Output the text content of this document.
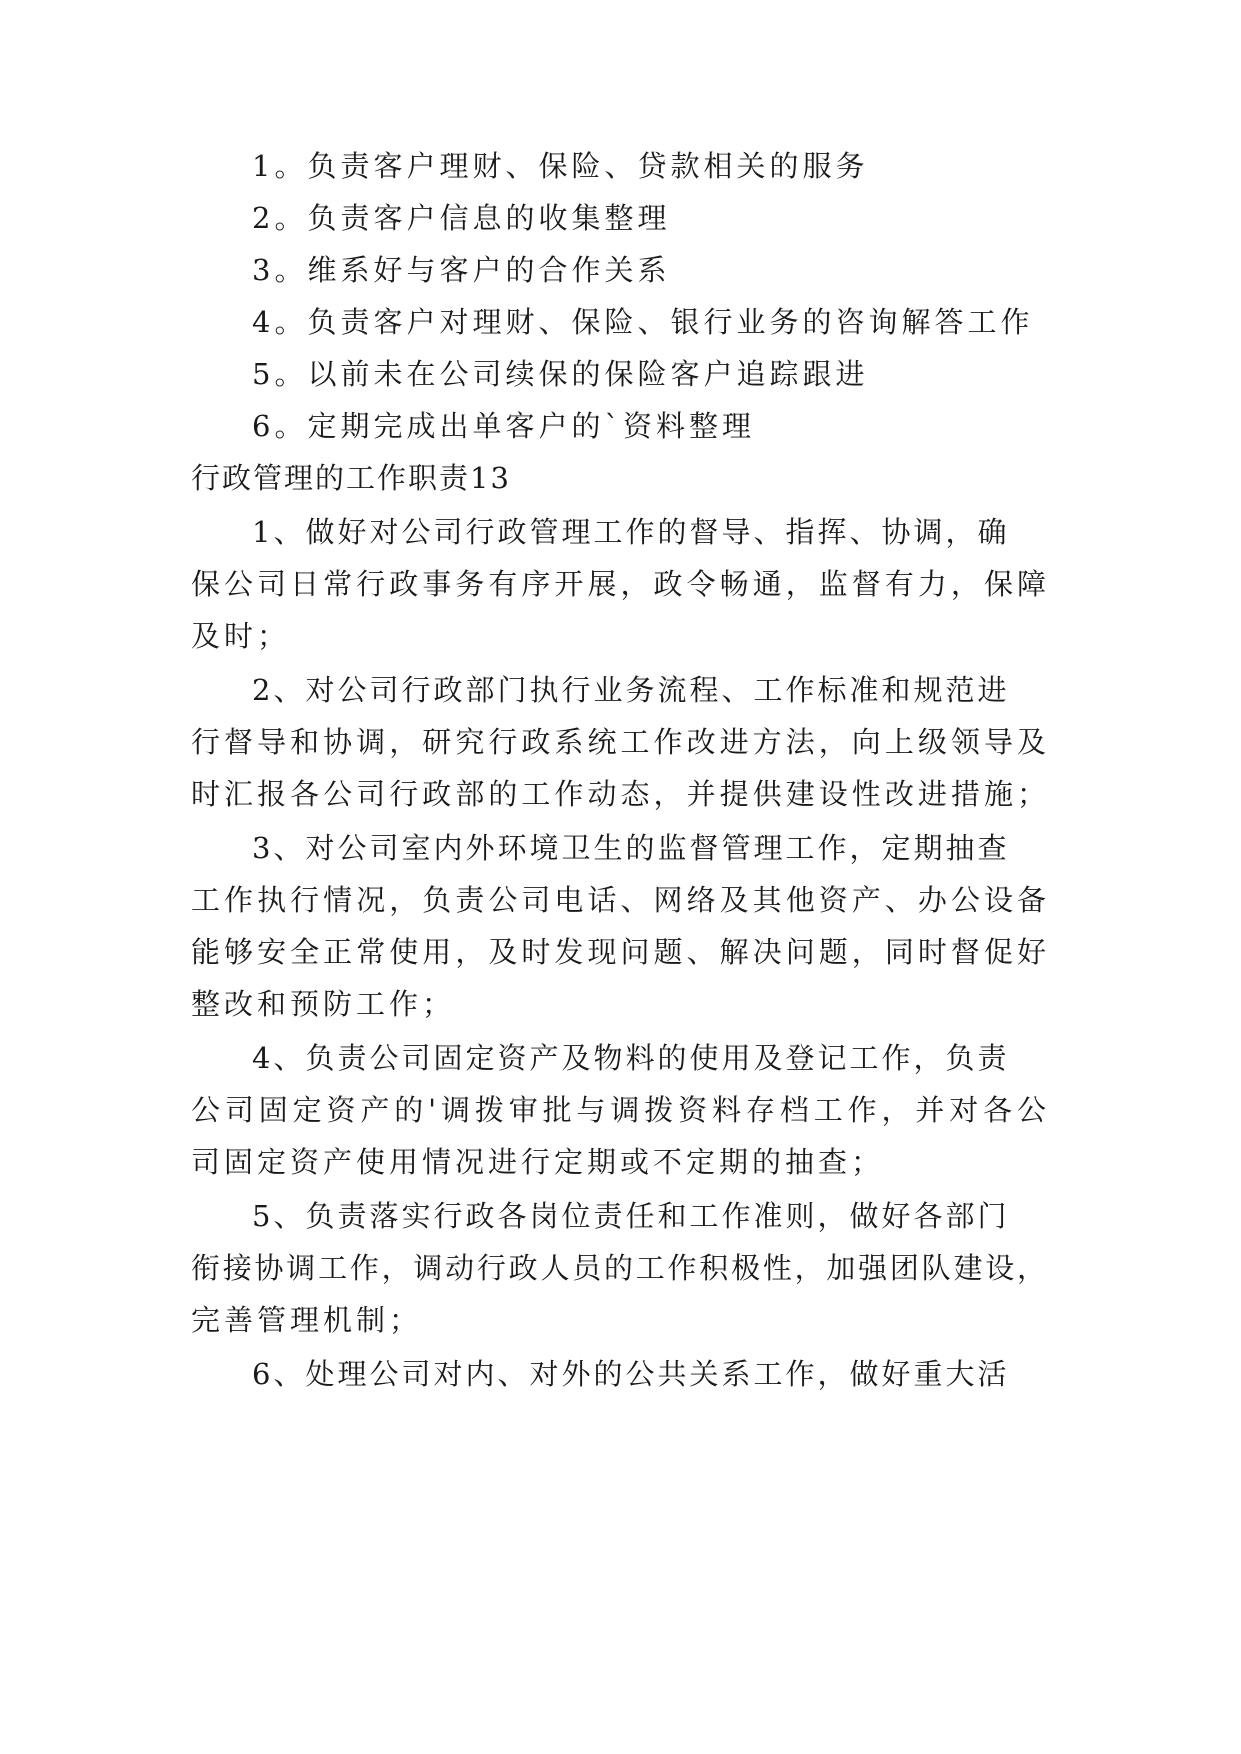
1。负责客户理财、保险、贷款相关的服务
2。负责客户信息的收集整理
3。维系好与客户的合作关系
4。负责客户对理财、保险、银行业务的咨询解答工作
5。以前未在公司续保的保险客户追踪跟进
6。定期完成出单客户的`资料整理
行政管理的工作职责13
1、做好对公司行政管理工作的督导、指挥、协调，确
保公司日常行政事务有序开展，政令畅通，监督有力，保障
及时；
2、对公司行政部门执行业务流程、工作标准和规范进
行督导和协调，研究行政系统工作改进方法，向上级领导及
时汇报各公司行政部的工作动态，并提供建设性改进措施；
3、对公司室内外环境卫生的监督管理工作，定期抽查
工作执行情况，负责公司电话、网络及其他资产、办公设备
能够安全正常使用，及时发现问题、解决问题，同时督促好
整改和预防工作；
4、负责公司固定资产及物料的使用及登记工作，负责
公司固定资产的'调拨审批与调拨资料存档工作，并对各公
司固定资产使用情况进行定期或不定期的抽查；
5、负责落实行政各岗位责任和工作准则，做好各部门
衔接协调工作，调动行政人员的工作积极性，加强团队建设，
完善管理机制；
6、处理公司对内、对外的公共关系工作，做好重大活
